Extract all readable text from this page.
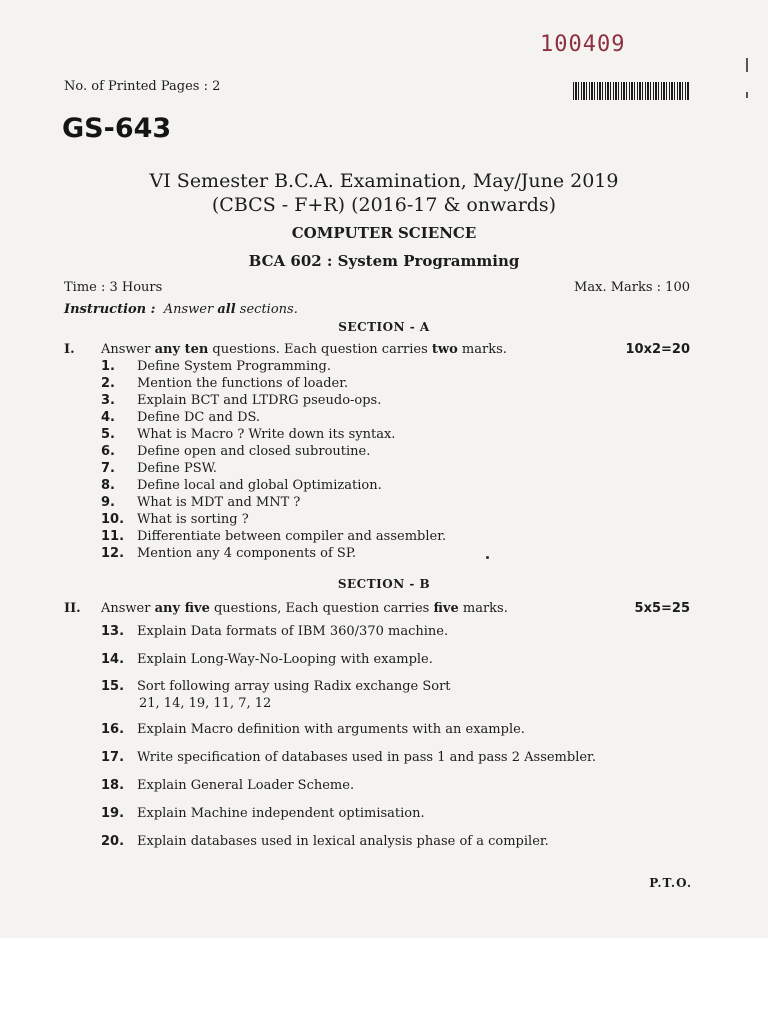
100409
No. of Printed Pages : 2
GS-643
VI Semester B.C.A. Examination, May/June 2019
(CBCS - F+R) (2016-17 & onwards)
COMPUTER SCIENCE
BCA 602 : System Programming
Time : 3 Hours	Max. Marks : 100
Instruction : Answer all sections.
SECTION - A
I. Answer any ten questions. Each question carries two marks.	10x2=20
1. Define System Programming.
2. Mention the functions of loader.
3. Explain BCT and LTDRG pseudo-ops.
4. Define DC and DS.
5. What is Macro ? Write down its syntax.
6. Define open and closed subroutine.
7. Define PSW.
8. Define local and global Optimization.
9. What is MDT and MNT ?
10. What is sorting ?
11. Differentiate between compiler and assembler.
12. Mention any 4 components of SP.
SECTION - B
II. Answer any five questions, Each question carries five marks.	5x5=25
13. Explain Data formats of IBM 360/370 machine.
14. Explain Long-Way-No-Looping with example.
15. Sort following array using Radix exchange Sort
21, 14, 19, 11, 7, 12
16. Explain Macro definition with arguments with an example.
17. Write specification of databases used in pass 1 and pass 2 Assembler.
18. Explain General Loader Scheme.
19. Explain Machine independent optimisation.
20. Explain databases used in lexical analysis phase of a compiler.
P.T.O.
